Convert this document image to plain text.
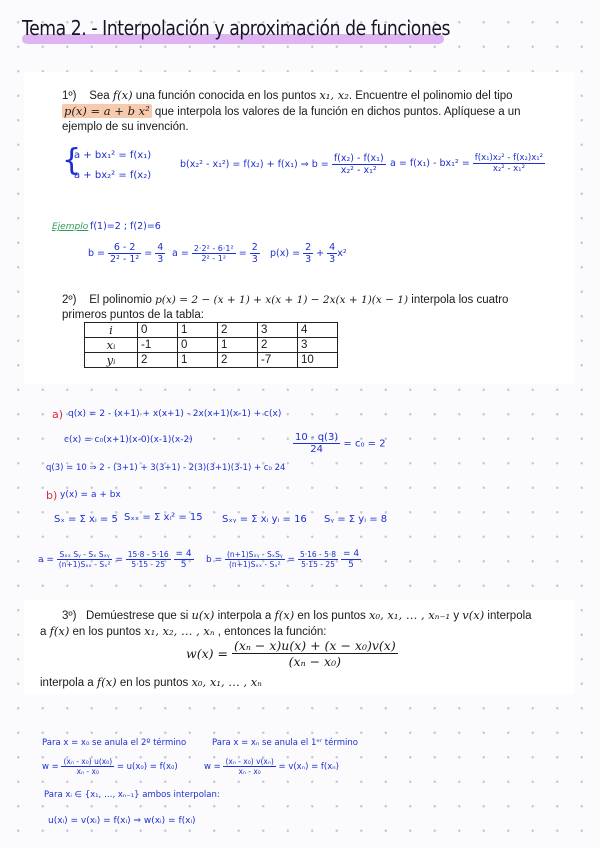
Tema 2. - Interpolación y aproximación de funciones
1º) Sea f(x) una función conocida en los puntos x₁, x₂. Encuentre el polinomio del tipo
p(x) = a + b x² que interpola los valores de la función en dichos puntos. Aplíquese a un
ejemplo de su invención.
{
a + bx₁² = f(x₁)
a + bx₂² = f(x₂)
b(x₂² - x₁²) = f(x₂) + f(x₁) ⇒ $b = \frac{\text{f(x₂) - f(x₁)}}{\text{x₂² - x₁²}}$ $a = f(x_1) - bx_1^2 = \frac{\text{f(x₁)x₂² - f(x₂)x₁²}}{\text{x₂² - x₁²}}$
Ejemplo f(1)=2 ; f(2)=6
$b = \frac{6 - 2}{\text{2² - 1²}} = \frac{4}{3}$ $a = \frac{\text{2·2² - 6·1²}}{\text{2² - 1²}} = \frac{2}{3} p(x) = \frac{2}{3} + \frac{4}{3} x^2$
2º) El polinomio p(x) = 2 − (x + 1) + x(x + 1) − 2x(x + 1)(x − 1) interpola los cuatro
primeros puntos de la tabla:
i	0	1	2	3	4
xᵢ	-1	0	1	2	3
yᵢ	2	1	2	-7	10
a) q(x) = 2 - (x+1) + x(x+1) - 2x(x+1)(x-1) + c(x)
c(x) = c₀(x+1)(x-0)(x-1)(x-2)	$\frac{10 - q(3)}{24} = c_0 = 2$
q(3) = 10 ⇒ 2 - (3+1) + 3(3+1) - 2(3)(3+1)(3-1) + c₀ 24
b) y(x) = a + bx
Sₓ = Σ xᵢ = 5 Sₓₓ = Σ xᵢ² = 15 Sₓᵧ = Σ xᵢ yᵢ = 16 Sᵧ = Σ yᵢ = 8
$a = \frac{\text{Sₓₓ Sᵧ - Sₓ Sₓᵧ}}{\text{(n+1)Sₓₓ - Sₓ²}} = \frac{15\cdot 8 - 5\cdot 16}{5\cdot 15 - 25}$
$\frac{= 4}{5}$ $b = \frac{\text{(n+1)Sₓᵧ - SₓSᵧ}}{\text{(n+1)Sₓₓ - Sₓ²}} = \frac{5\cdot 16 - 5\cdot 8}{5\cdot 15 - 25}$
$\frac{= 4}{5}$
3º) Demúestrese que si u(x) interpola a f(x) en los puntos x₀, x₁, … , xₙ₋₁ y v(x) interpola
a f(x) en los puntos x₁, x₂, … , xₙ , entonces la función:
$w(x) = \frac{\text{(xₙ − x)u(x) + (x − x₀)v(x)}}{\text{(xₙ − x₀)}}$
interpola a f(x) en los puntos x₀, x₁, … , xₙ
Para x = x₀ se anula el 2º término	Para x = xₙ se anula el 1ᵉʳ término
$w = \frac{\text{(xₙ - x₀) u(x₀)}}{\text{xₙ - x₀}} = u(x_0) = f(x_0)$	$w = \frac{\text{(xₙ - x₀) v(xₙ)}}{\text{xₙ - x₀}} = v(x_n) = f(x_n)$
Para xᵢ ∈ {x₁, …, xₙ₋₁} ambos interpolan:
u(xᵢ) = v(xᵢ) = f(xᵢ) ⇒ w(xᵢ) = f(xᵢ)
